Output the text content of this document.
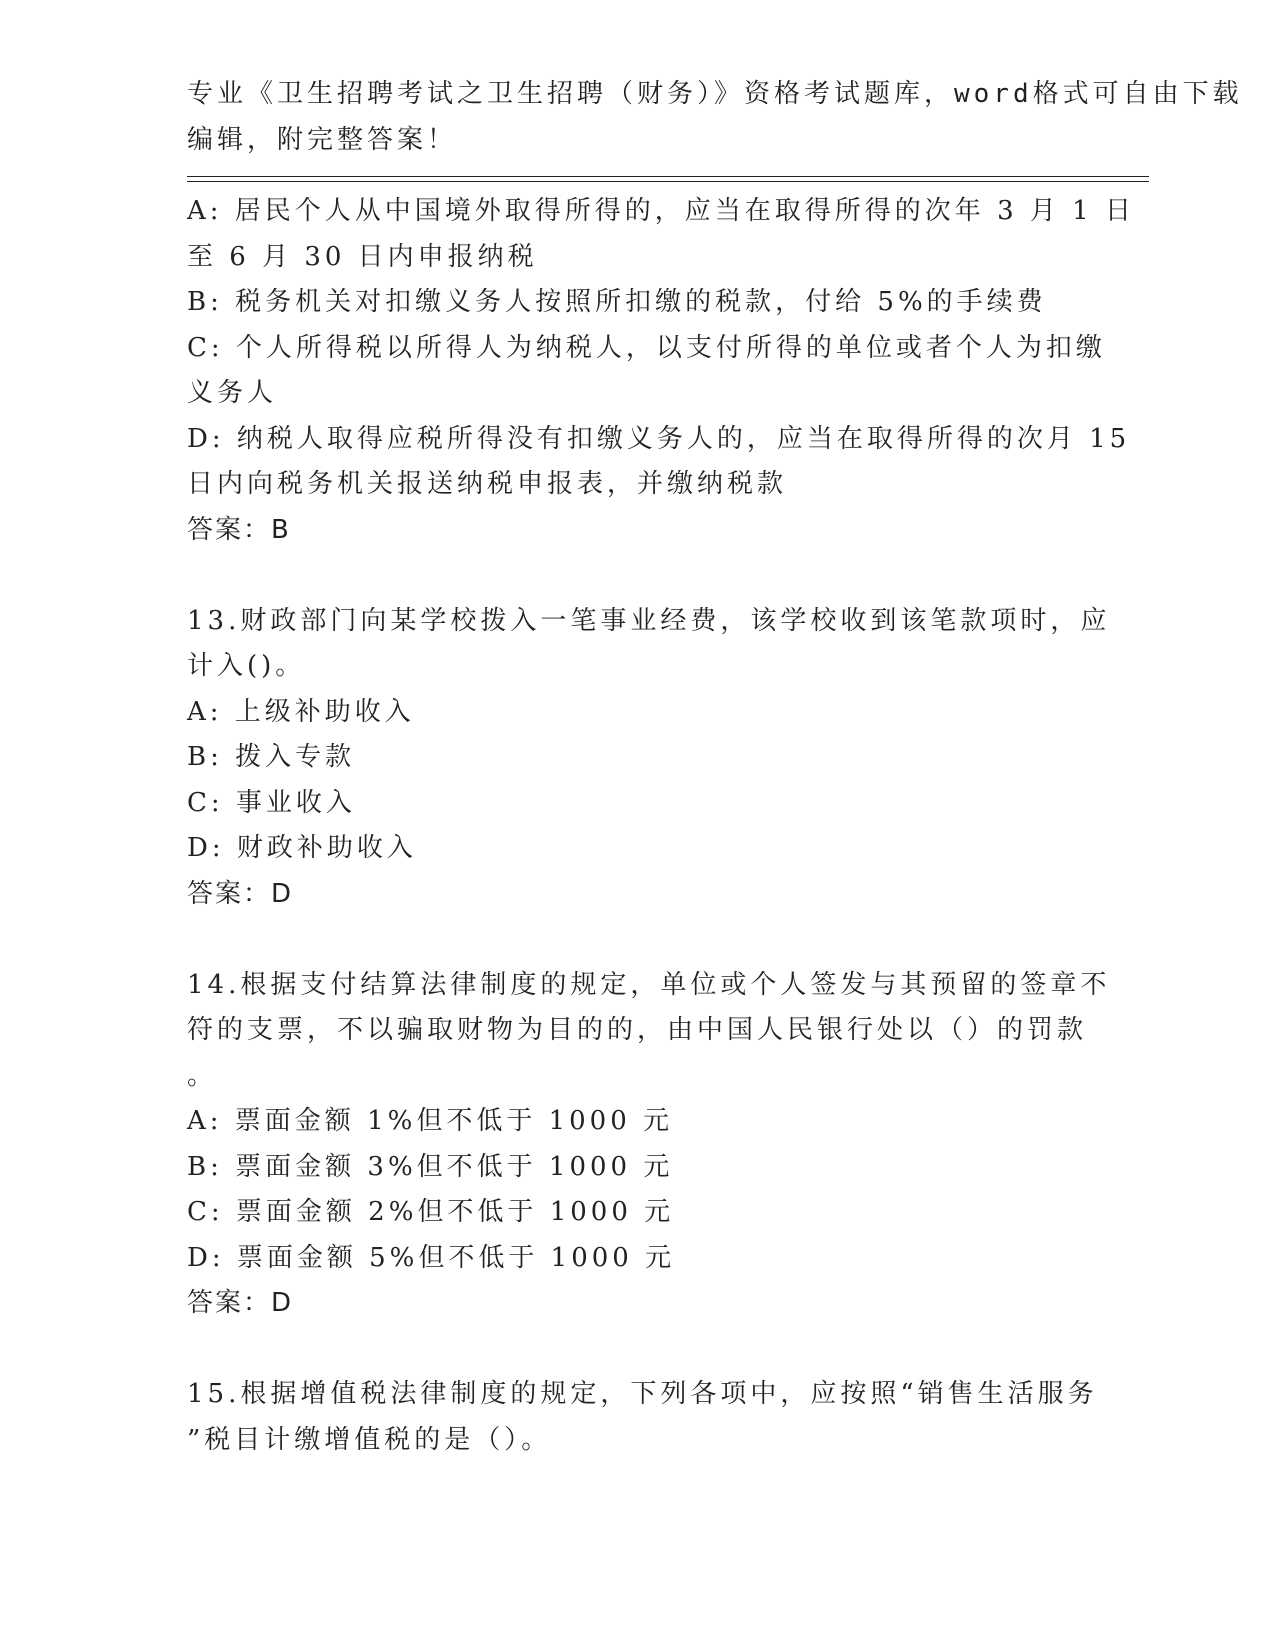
专业《卫生招聘考试之卫生招聘（财务）》资格考试题库，word格式可自由下载
编辑，附完整答案！
A: 居民个人从中国境外取得所得的，应当在取得所得的次年 3 月 1 日
至 6 月 30 日内申报纳税
B: 税务机关对扣缴义务人按照所扣缴的税款，付给 5%的手续费
C: 个人所得税以所得人为纳税人，以支付所得的单位或者个人为扣缴
义务人
D: 纳税人取得应税所得没有扣缴义务人的，应当在取得所得的次月 15
日内向税务机关报送纳税申报表，并缴纳税款
答案：B
13.财政部门向某学校拨入一笔事业经费，该学校收到该笔款项时，应
计入()。
A: 上级补助收入
B: 拨入专款
C: 事业收入
D: 财政补助收入
答案：D
14.根据支付结算法律制度的规定，单位或个人签发与其预留的签章不
符的支票，不以骗取财物为目的的，由中国人民银行处以（）的罚款
。
A: 票面金额 1%但不低于 1000 元
B: 票面金额 3%但不低于 1000 元
C: 票面金额 2%但不低于 1000 元
D: 票面金额 5%但不低于 1000 元
答案：D
15.根据增值税法律制度的规定，下列各项中，应按照“销售生活服务
”税目计缴增值税的是（）。
